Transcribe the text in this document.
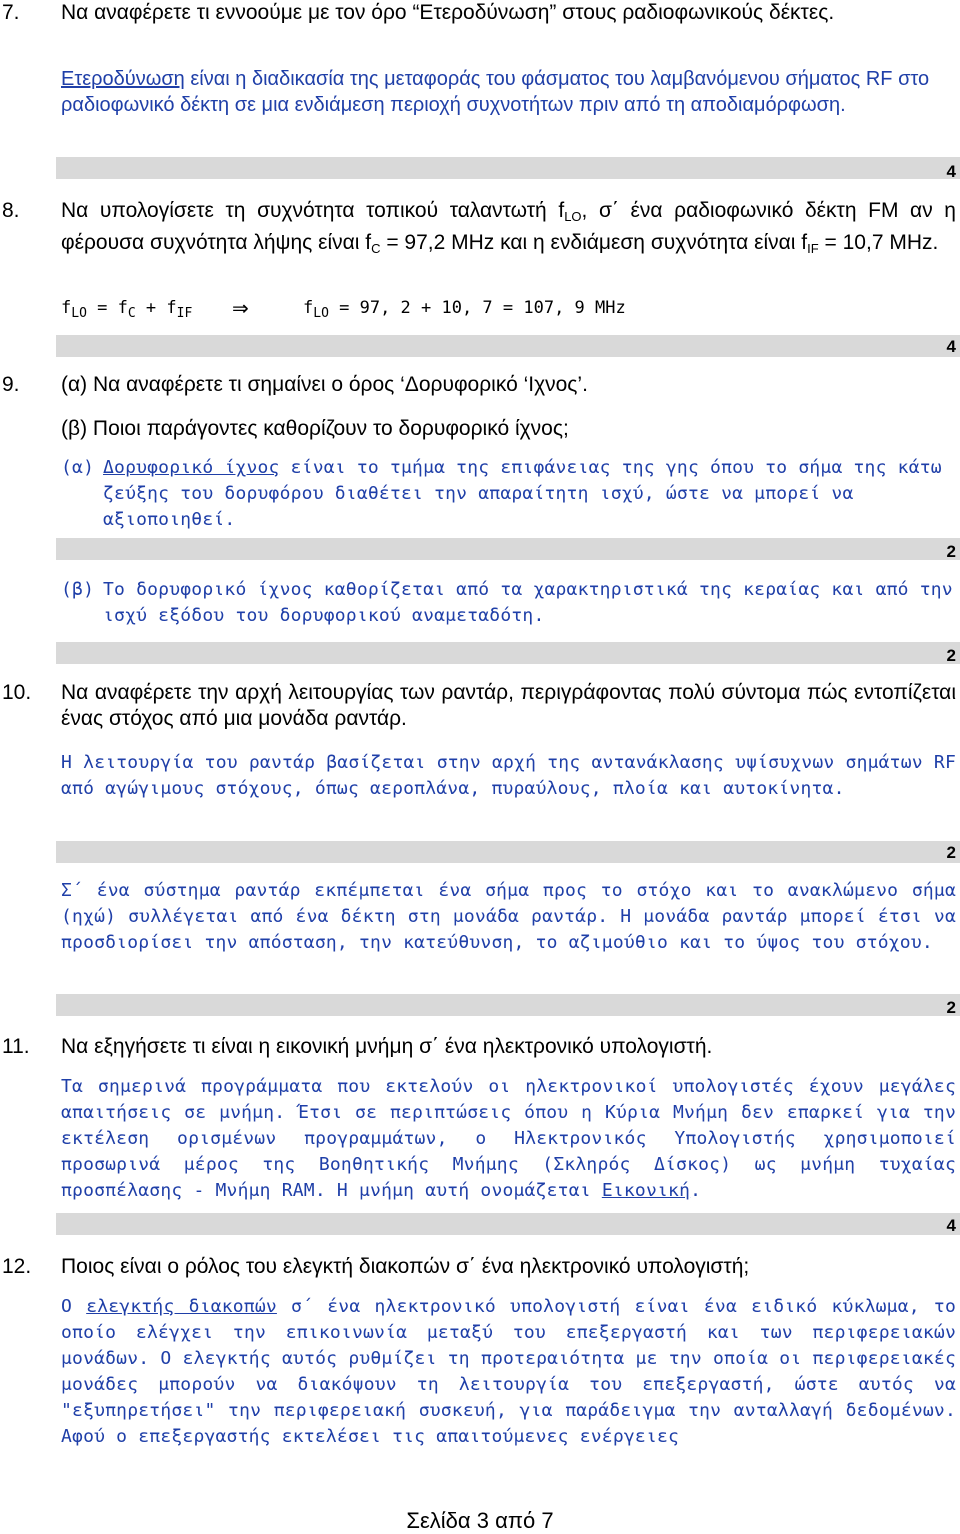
7. Να αναφέρετε τι εννοούμε με τον όρο “Ετεροδύνωση” στους ραδιοφωνικούς δέκτες.
Ετεροδύνωση είναι η διαδικασία της μεταφοράς του φάσματος του λαμβανόμενου σήματος RF στο ραδιοφωνικό δέκτη σε μια ενδιάμεση περιοχή συχνοτήτων πριν από τη αποδιαμόρφωση.
4
8. Να υπολογίσετε τη συχνότητα τοπικού ταλαντωτή $f_{LO}$, σ΄ ένα ραδιοφωνικό δέκτη FM αν η φέρουσα συχνότητα λήψης είναι $f_C = 97,2$ MHz και η ενδιάμεση συχνότητα είναι $f_{IF} = 10,7$ MHz.
$f_{LO} = f_C + f_{IF}$ ⇒	$f_{LO} = 97$, 2 + 10, 7 = 107, 9 MHz
4
9. (α) Να αναφέρετε τι σημαίνει ο όρος ‘Δορυφορικό ‘Ιχνος’.
(β) Ποιοι παράγοντες καθορίζουν το δορυφορικό ίχνος;
(α) Δορυφορικό ίχνος είναι το τμήμα της επιφάνειας της γης όπου το σήμα της κάτω ζεύξης του δορυφόρου διαθέτει την απαραίτητη ισχύ, ώστε να μπορεί να αξιοποιηθεί.
2
(β) Το δορυφορικό ίχνος καθορίζεται από τα χαρακτηριστικά της κεραίας και από την ισχύ εξόδου του δορυφορικού αναμεταδότη.
2
10. Να αναφέρετε την αρχή λειτουργίας των ραντάρ, περιγράφοντας πολύ σύντομα πώς εντοπίζεται ένας στόχος από μια μονάδα ραντάρ.
Η λειτουργία του ραντάρ βασίζεται στην αρχή της αντανάκλασης υψίσυχνων σημάτων RF από αγώγιμους στόχους, όπως αεροπλάνα, πυραύλους, πλοία και αυτοκίνητα.
2
Σ΄ ένα σύστημα ραντάρ εκπέμπεται ένα σήμα προς το στόχο και το ανακλώμενο σήμα (ηχώ) συλλέγεται από ένα δέκτη στη μονάδα ραντάρ. Η μονάδα ραντάρ μπορεί έτσι να προσδιορίσει την απόσταση, την κατεύθυνση, το αζιμούθιο και το ύψος του στόχου.
2
11. Να εξηγήσετε τι είναι η εικονική μνήμη σ΄ ένα ηλεκτρονικό υπολογιστή.
Τα σημερινά προγράμματα που εκτελούν οι ηλεκτρονικοί υπολογιστές έχουν μεγάλες απαιτήσεις σε μνήμη. Έτσι σε περιπτώσεις όπου η Κύρια Μνήμη δεν επαρκεί για την εκτέλεση ορισμένων προγραμμάτων, ο Ηλεκτρονικός Υπολογιστής χρησιμοποιεί προσωρινά μέρος της Βοηθητικής Μνήμης (Σκληρός Δίσκος) ως μνήμη τυχαίας προσπέλασης - Μνήμη RAM. Η μνήμη αυτή ονομάζεται Εικονική.
4
12. Ποιος είναι ο ρόλος του ελεγκτή διακοπών σ΄ ένα ηλεκτρονικό υπολογιστή;
Ο ελεγκτής διακοπών σ΄ ένα ηλεκτρονικό υπολογιστή είναι ένα ειδικό κύκλωμα, το οποίο ελέγχει την επικοινωνία μεταξύ του επεξεργαστή και των περιφερειακών μονάδων. Ο ελεγκτής αυτός ρυθμίζει τη προτεραιότητα με την οποία οι περιφερειακές μονάδες μπορούν να διακόψουν τη λειτουργία του επεξεργαστή, ώστε αυτός να "εξυπηρετήσει" την περιφερειακή συσκευή, για παράδειγμα την ανταλλαγή δεδομένων. Αφού ο επεξεργαστής εκτελέσει τις απαιτούμενες ενέργειες
Σελίδα 3 από 7
